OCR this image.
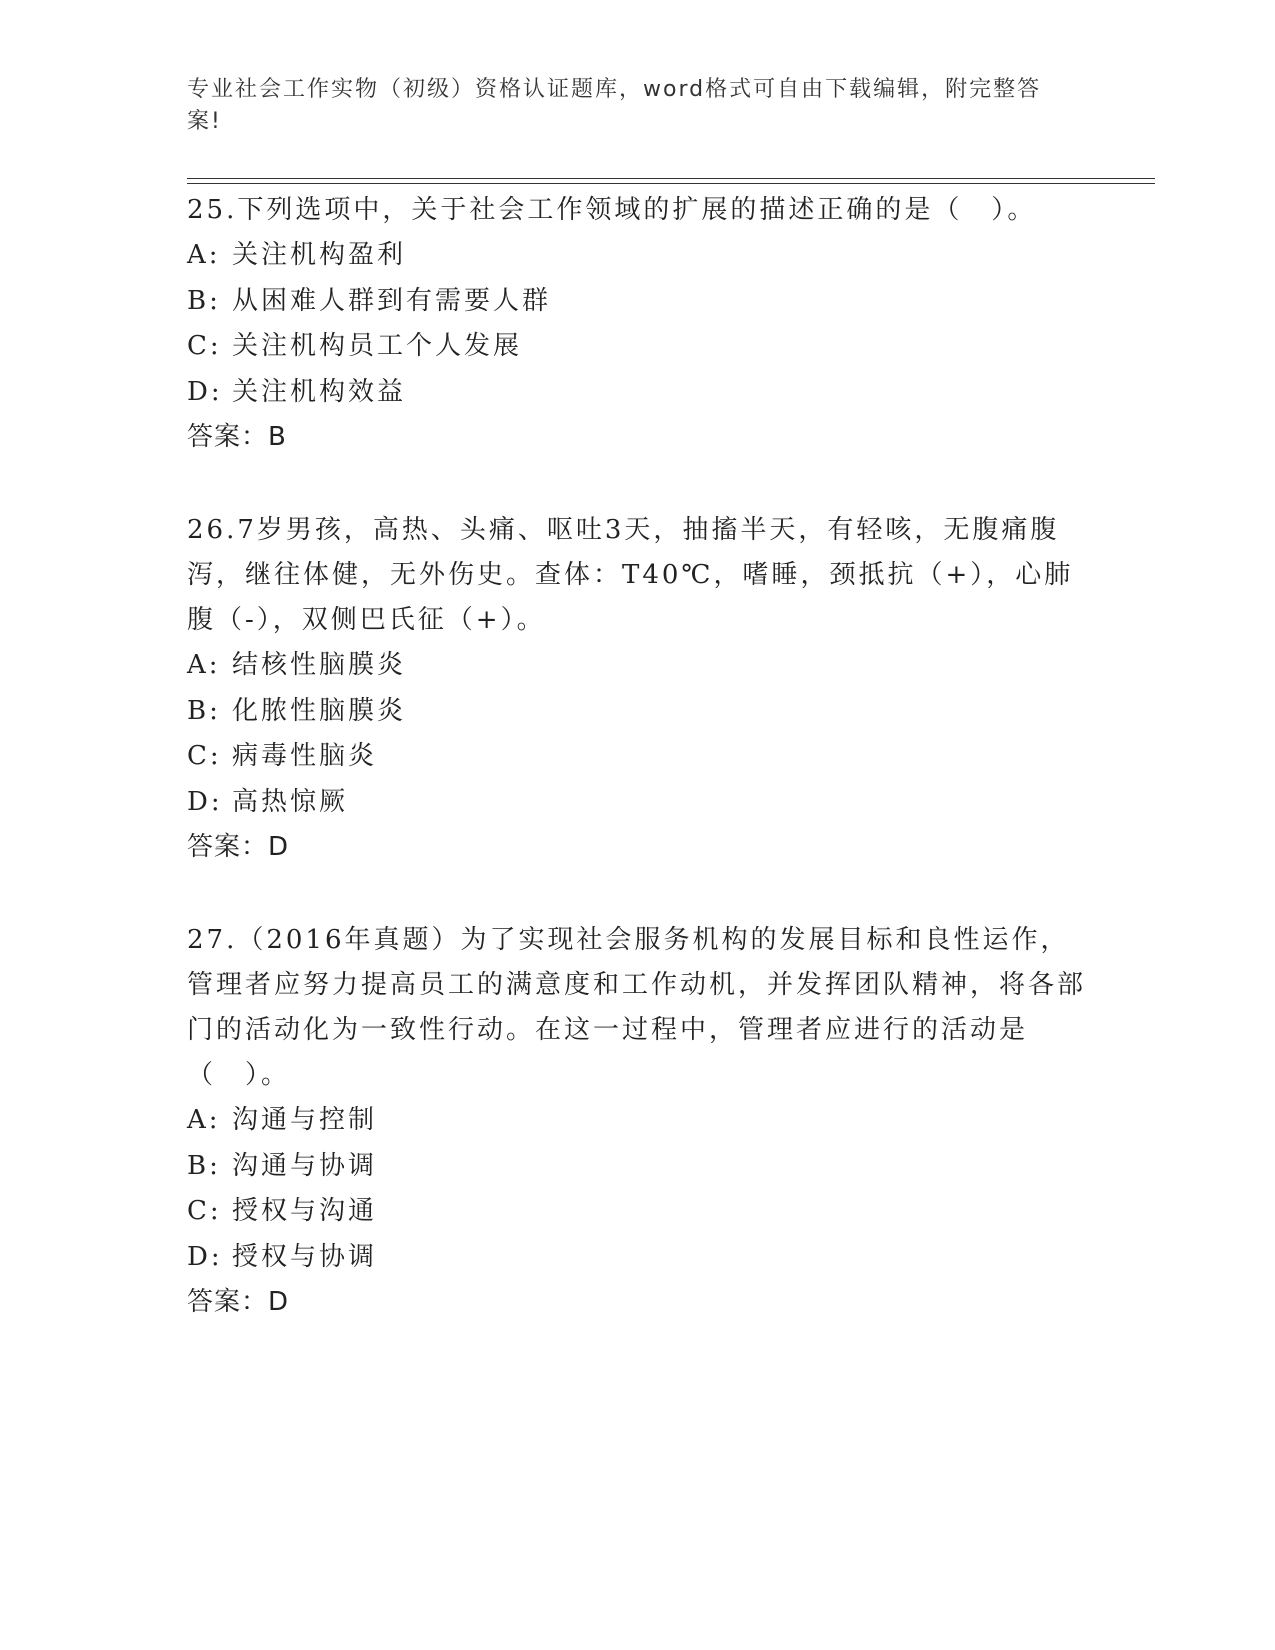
专业社会工作实物（初级）资格认证题库，word格式可自由下载编辑，附完整答案!

25.下列选项中，关于社会工作领域的扩展的描述正确的是（　）。

A: 关注机构盈利
B: 从困难人群到有需要人群
C: 关注机构员工个人发展
D: 关注机构效益
答案：B

26.7岁男孩，高热、头痛、呕吐3天，抽搐半天，有轻咳，无腹痛腹泻，继往体健，无外伤史。查体：T40℃，嗜睡，颈抵抗（+），心肺腹（-），双侧巴氏征（+）。

A: 结核性脑膜炎
B: 化脓性脑膜炎
C: 病毒性脑炎
D: 高热惊厥
答案：D

27.（2016年真题）为了实现社会服务机构的发展目标和良性运作，管理者应努力提高员工的满意度和工作动机，并发挥团队精神，将各部门的活动化为一致性行动。在这一过程中，管理者应进行的活动是（　）。

A: 沟通与控制
B: 沟通与协调
C: 授权与沟通
D: 授权与协调
答案：D
